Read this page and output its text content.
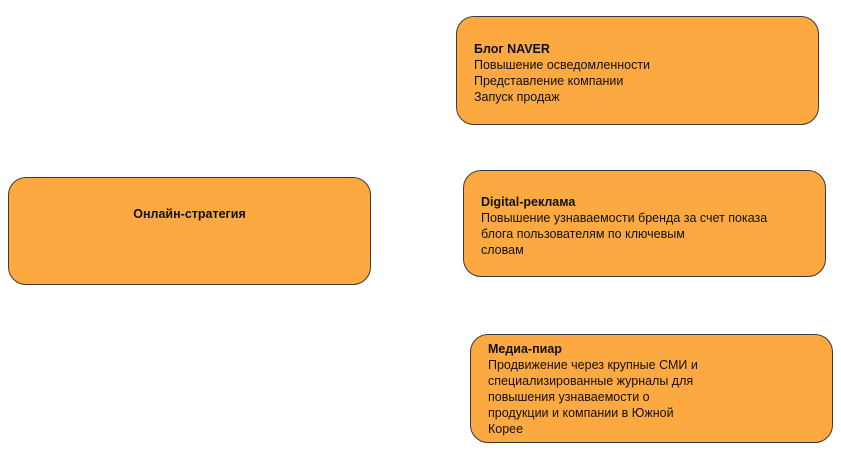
Онлайн-стратегия
Блог NAVER
Повышение осведомленности
Представление компании
Запуск продаж
Digital-реклама
Повышение узнаваемости бренда за счет показа
блога пользователям по ключевым
словам
Медиа-пиар
Продвижение через крупные СМИ и
специализированные журналы для
повышения узнаваемости о
продукции и компании в Южной
Корее
